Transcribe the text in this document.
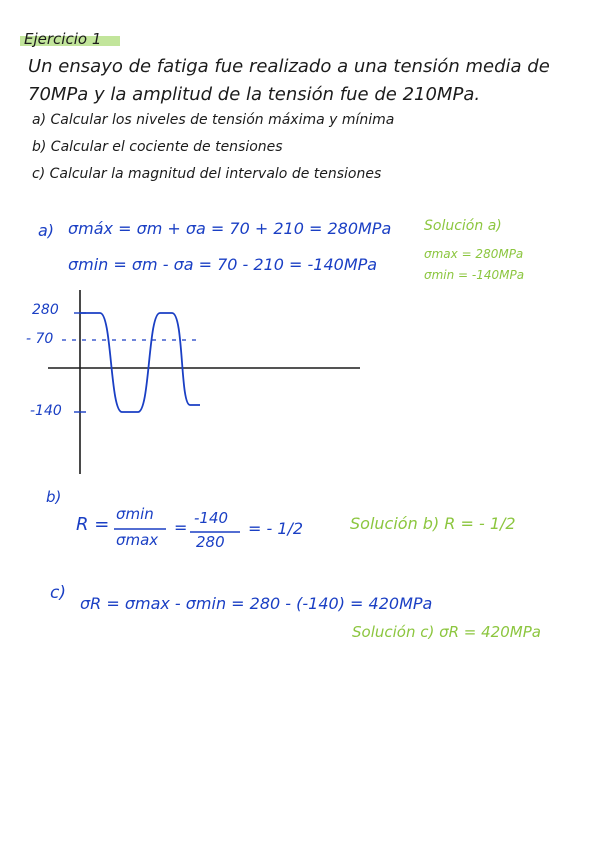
Ejercicio 1
Un ensayo de fatiga fue realizado a una tensión media de
70MPa y la amplitud de la tensión fue de 210MPa.
a) Calcular los niveles de tensión máxima y mínima
b) Calcular el cociente de tensiones
c) Calcular la magnitud del intervalo de tensiones
a) σmáx = σm + σa = 70 + 210 = 280MPa
σmin = σm - σa = 70 - 210 = -140MPa
Solución a)
σmax = 280MPa
σmin = -140MPa
280
- 70
-140
b)
R = σmin
σmax
= -140
280
= - 1/2	Solución b) R = - 1/2
c)
σR = σmax - σmin = 280 - (-140) = 420MPa
Solución c) σR = 420MPa
